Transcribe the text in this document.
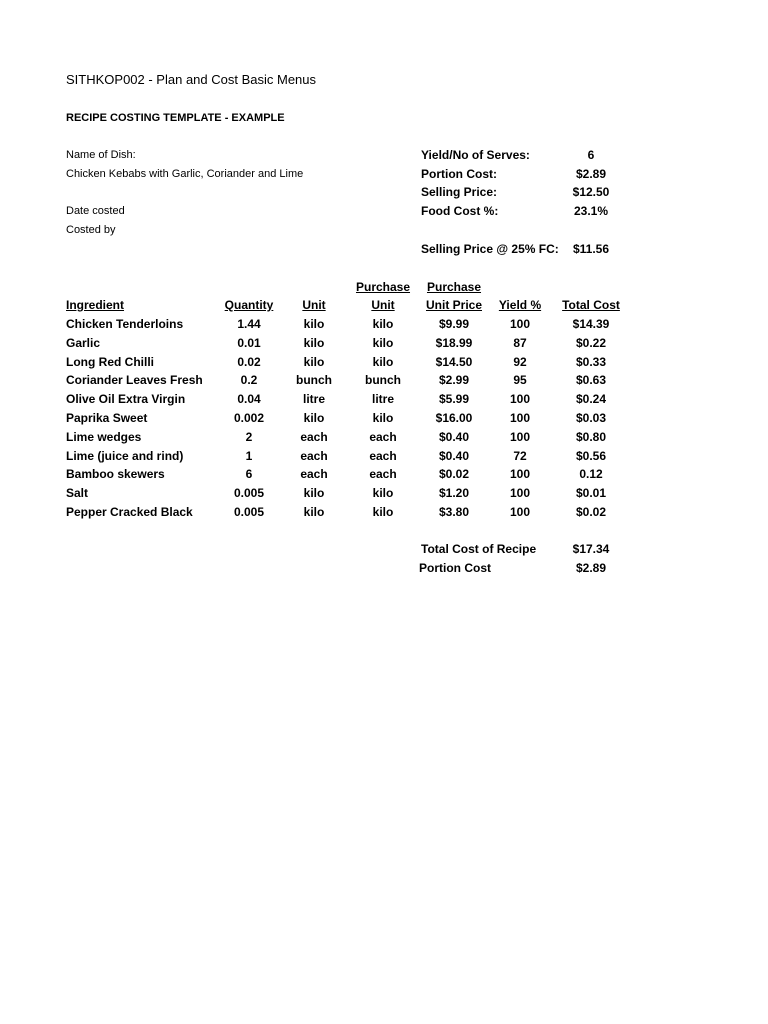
SITHKOP002 - Plan and Cost Basic Menus
RECIPE COSTING TEMPLATE - EXAMPLE
Name of Dish:
Chicken Kebabs with Garlic, Coriander and Lime
Date costed
Costed by
Yield/No of Serves:	6
Portion Cost:	$2.89
Selling Price:	$12.50
Food Cost %:	23.1%
Selling Price @ 25% FC:	$11.56
Purchase	Purchase
Ingredient	Quantity	Unit	Unit	Unit Price	Yield %	Total Cost
Chicken Tenderloins	1.44	kilo	kilo	$9.99	100	$14.39
Garlic	0.01	kilo	kilo	$18.99	87	$0.22
Long Red Chilli	0.02	kilo	kilo	$14.50	92	$0.33
Coriander Leaves Fresh	0.2	bunch	bunch	$2.99	95	$0.63
Olive Oil Extra Virgin	0.04	litre	litre	$5.99	100	$0.24
Paprika Sweet	0.002	kilo	kilo	$16.00	100	$0.03
Lime wedges	2	each	each	$0.40	100	$0.80
Lime (juice and rind)	1	each	each	$0.40	72	$0.56
Bamboo skewers	6	each	each	$0.02	100	0.12
Salt	0.005	kilo	kilo	$1.20	100	$0.01
Pepper Cracked Black	0.005	kilo	kilo	$3.80	100	$0.02
Total Cost of Recipe	$17.34
Portion Cost	$2.89
